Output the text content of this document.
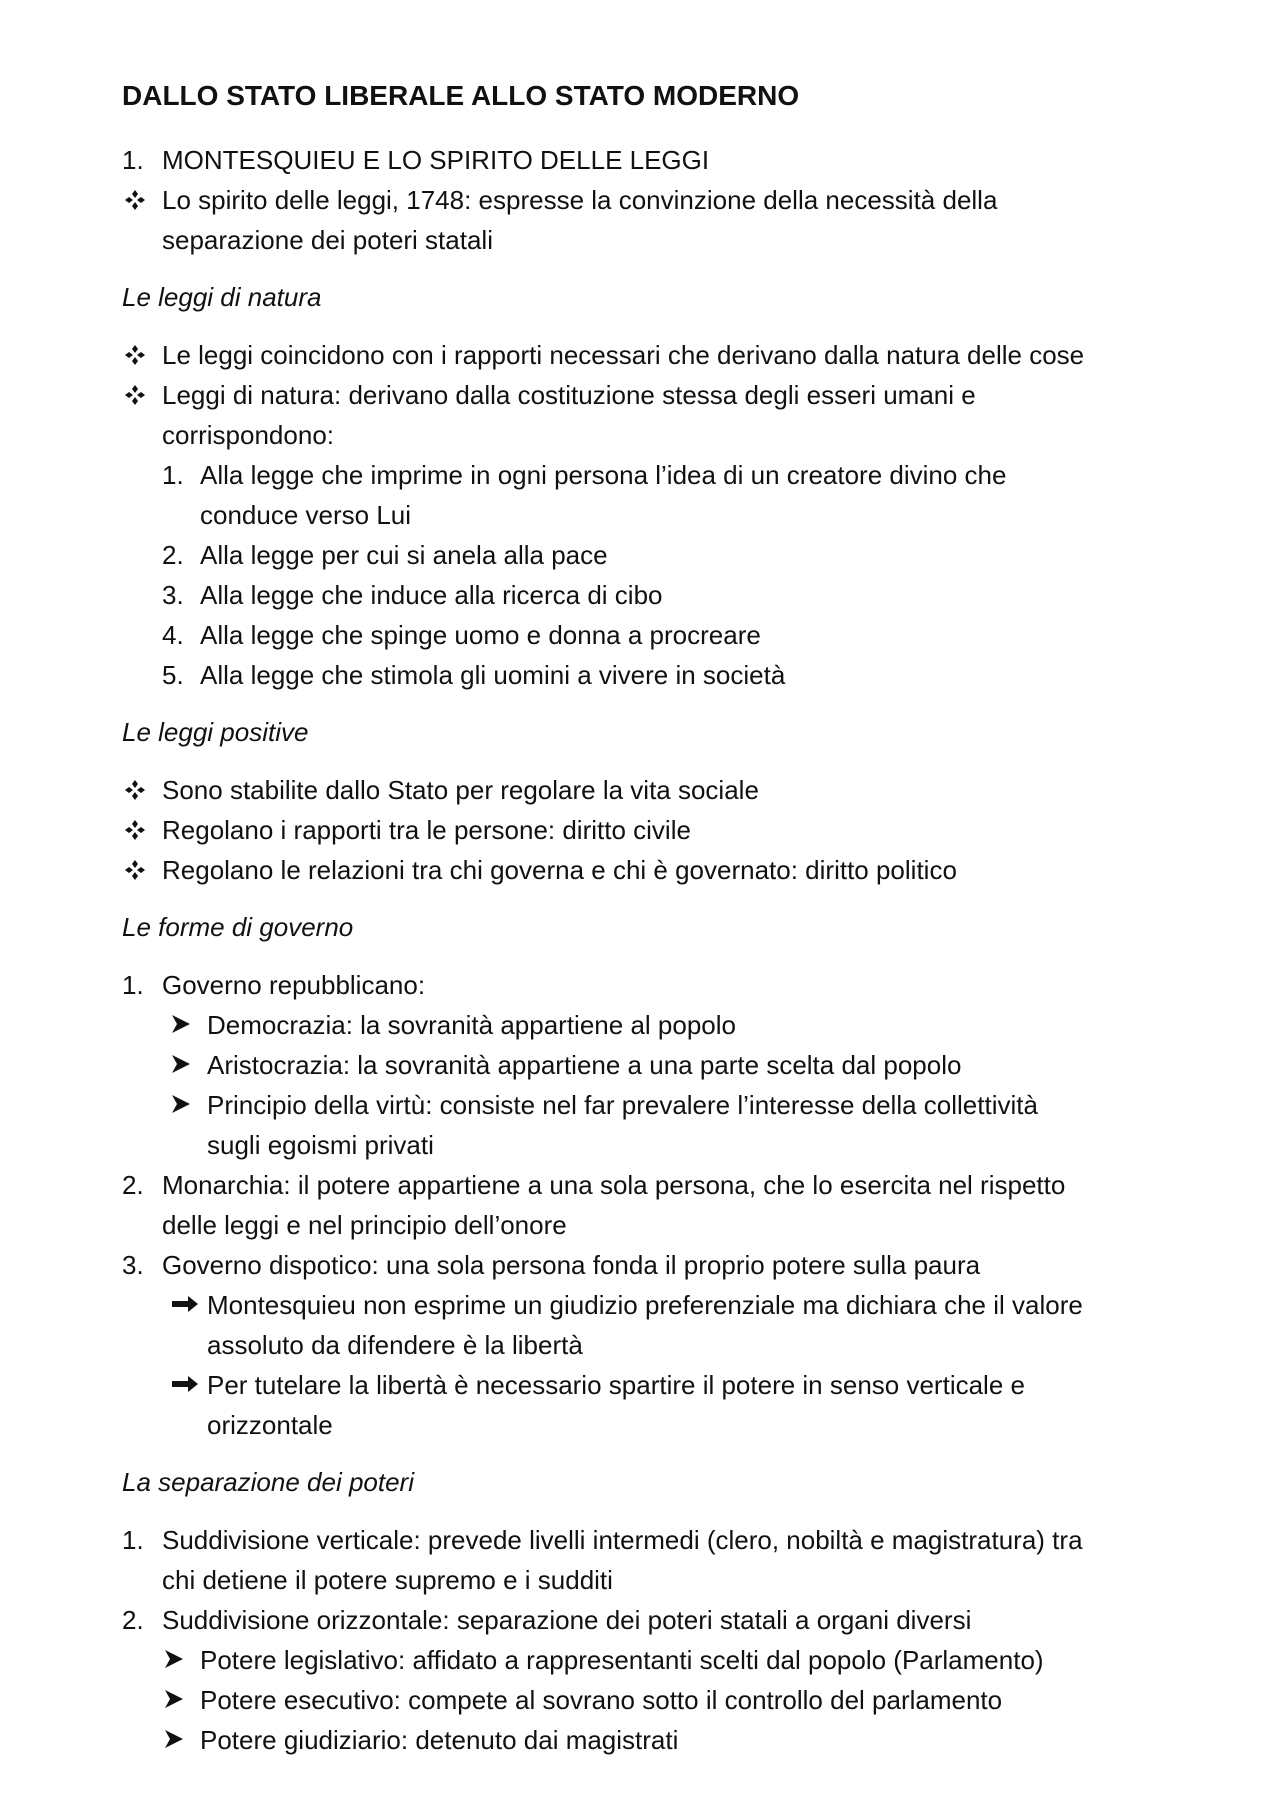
DALLO STATO LIBERALE ALLO STATO MODERNO
1. MONTESQUIEU E LO SPIRITO DELLE LEGGI
Lo spirito delle leggi, 1748: espresse la convinzione della necessità della
separazione dei poteri statali
Le leggi di natura
Le leggi coincidono con i rapporti necessari che derivano dalla natura delle cose
Leggi di natura: derivano dalla costituzione stessa degli esseri umani e
corrispondono:
1. Alla legge che imprime in ogni persona l’idea di un creatore divino che
conduce verso Lui
2. Alla legge per cui si anela alla pace
3. Alla legge che induce alla ricerca di cibo
4. Alla legge che spinge uomo e donna a procreare
5. Alla legge che stimola gli uomini a vivere in società
Le leggi positive
Sono stabilite dallo Stato per regolare la vita sociale
Regolano i rapporti tra le persone: diritto civile
Regolano le relazioni tra chi governa e chi è governato: diritto politico
Le forme di governo
1. Governo repubblicano:
Democrazia: la sovranità appartiene al popolo
Aristocrazia: la sovranità appartiene a una parte scelta dal popolo
Principio della virtù: consiste nel far prevalere l’interesse della collettività
sugli egoismi privati
2. Monarchia: il potere appartiene a una sola persona, che lo esercita nel rispetto
delle leggi e nel principio dell’onore
3. Governo dispotico: una sola persona fonda il proprio potere sulla paura
Montesquieu non esprime un giudizio preferenziale ma dichiara che il valore
assoluto da difendere è la libertà
Per tutelare la libertà è necessario spartire il potere in senso verticale e
orizzontale
La separazione dei poteri
1. Suddivisione verticale: prevede livelli intermedi (clero, nobiltà e magistratura) tra
chi detiene il potere supremo e i sudditi
2. Suddivisione orizzontale: separazione dei poteri statali a organi diversi
Potere legislativo: affidato a rappresentanti scelti dal popolo (Parlamento)
Potere esecutivo: compete al sovrano sotto il controllo del parlamento
Potere giudiziario: detenuto dai magistrati
